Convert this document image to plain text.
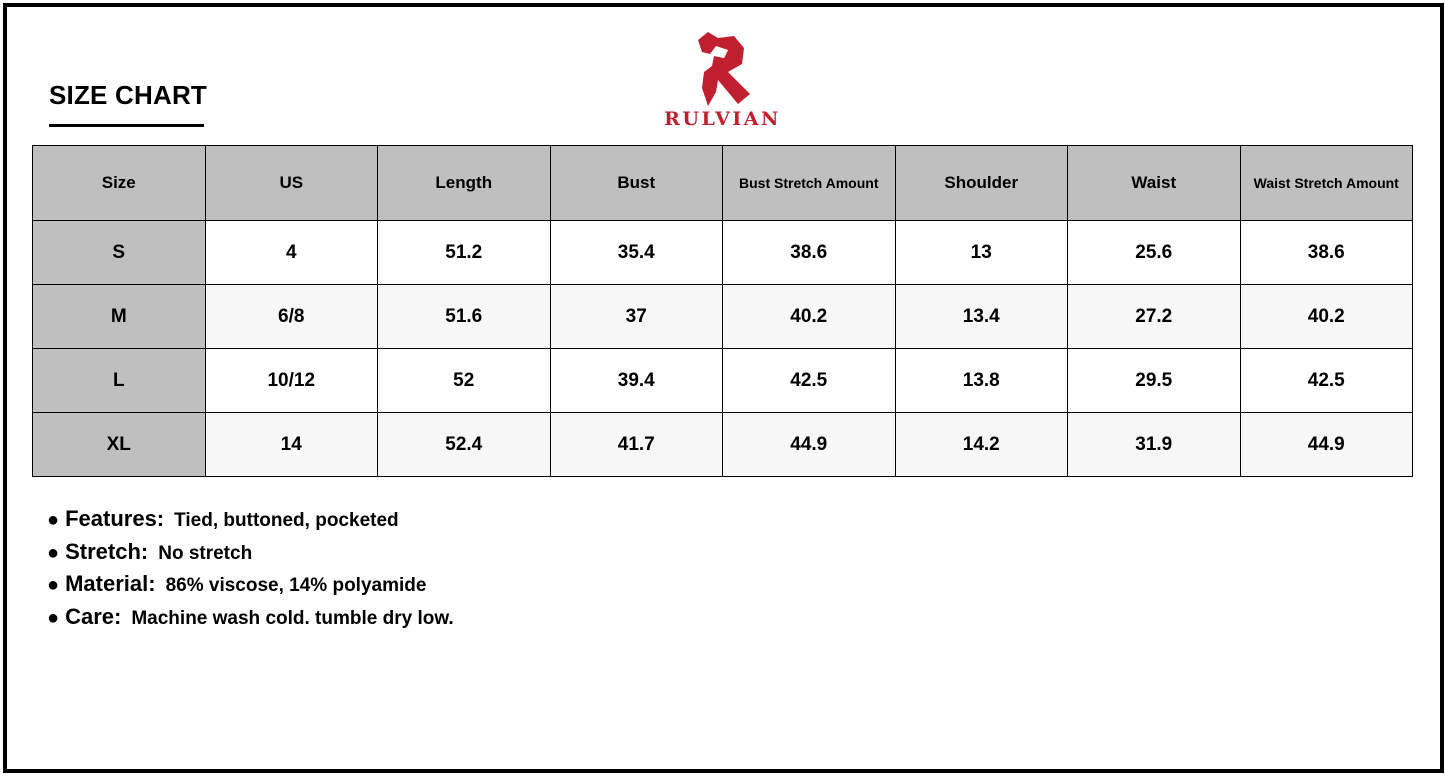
SIZE CHART
RULVIAN
Size	US	Length	Bust	Bust Stretch Amount	Shoulder	Waist	Waist Stretch Amount
S	4	51.2	35.4	38.6	13	25.6	38.6
M	6/8	51.6	37	40.2	13.4	27.2	40.2
L	10/12	52	39.4	42.5	13.8	29.5	42.5
XL	14	52.4	41.7	44.9	14.2	31.9	44.9
● Features: Tied, buttoned, pocketed
● Stretch: No stretch
● Material: 86% viscose, 14% polyamide
● Care: Machine wash cold. tumble dry low.
